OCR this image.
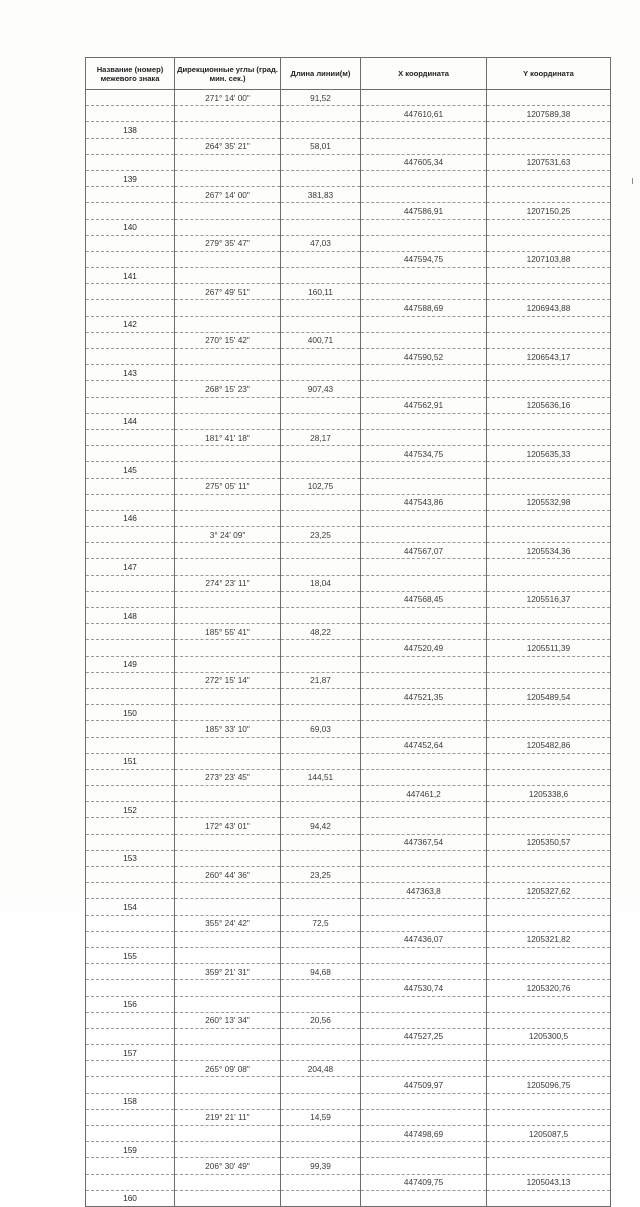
Название (номер) межевого знака	Дирекционные углы (град. мин. сек.)	Длина линии(м)	X координата	Y координата
	271° 14' 00"	91,52		
			447610,61	1207589,38
138				
	264° 35' 21"	58,01		
			447605,34	1207531,63
139				
	267° 14' 00"	381,83		
			447586,91	1207150,25
140				
	279° 35' 47"	47,03		
			447594,75	1207103,88
141				
	267° 49' 51"	160,11		
			447588,69	1206943,88
142				
	270° 15' 42"	400,71		
			447590,52	1206543,17
143				
	268° 15' 23"	907,43		
			447562,91	1205636,16
144				
	181° 41' 18"	28,17		
			447534,75	1205635,33
145				
	275° 05' 11"	102,75		
			447543,86	1205532,98
146				
	3° 24' 09"	23,25		
			447567,07	1205534,36
147				
	274° 23' 11"	18,04		
			447568,45	1205516,37
148				
	185° 55' 41"	48,22		
			447520,49	1205511,39
149				
	272° 15' 14"	21,87		
			447521,35	1205489,54
150				
	185° 33' 10"	69,03		
			447452,64	1205482,86
151				
	273° 23' 45"	144,51		
			447461,2	1205338,6
152				
	172° 43' 01"	94,42		
			447367,54	1205350,57
153				
	260° 44' 36"	23,25		
			447363,8	1205327,62
154				
	355° 24' 42"	72,5		
			447436,07	1205321,82
155				
	359° 21' 31"	94,68		
			447530,74	1205320,76
156				
	260° 13' 34"	20,56		
			447527,25	1205300,5
157				
	265° 09' 08"	204,48		
			447509,97	1205096,75
158				
	219° 21' 11"	14,59		
			447498,69	1205087,5
159				
	206° 30' 49"	99,39		
			447409,75	1205043,13
160				
